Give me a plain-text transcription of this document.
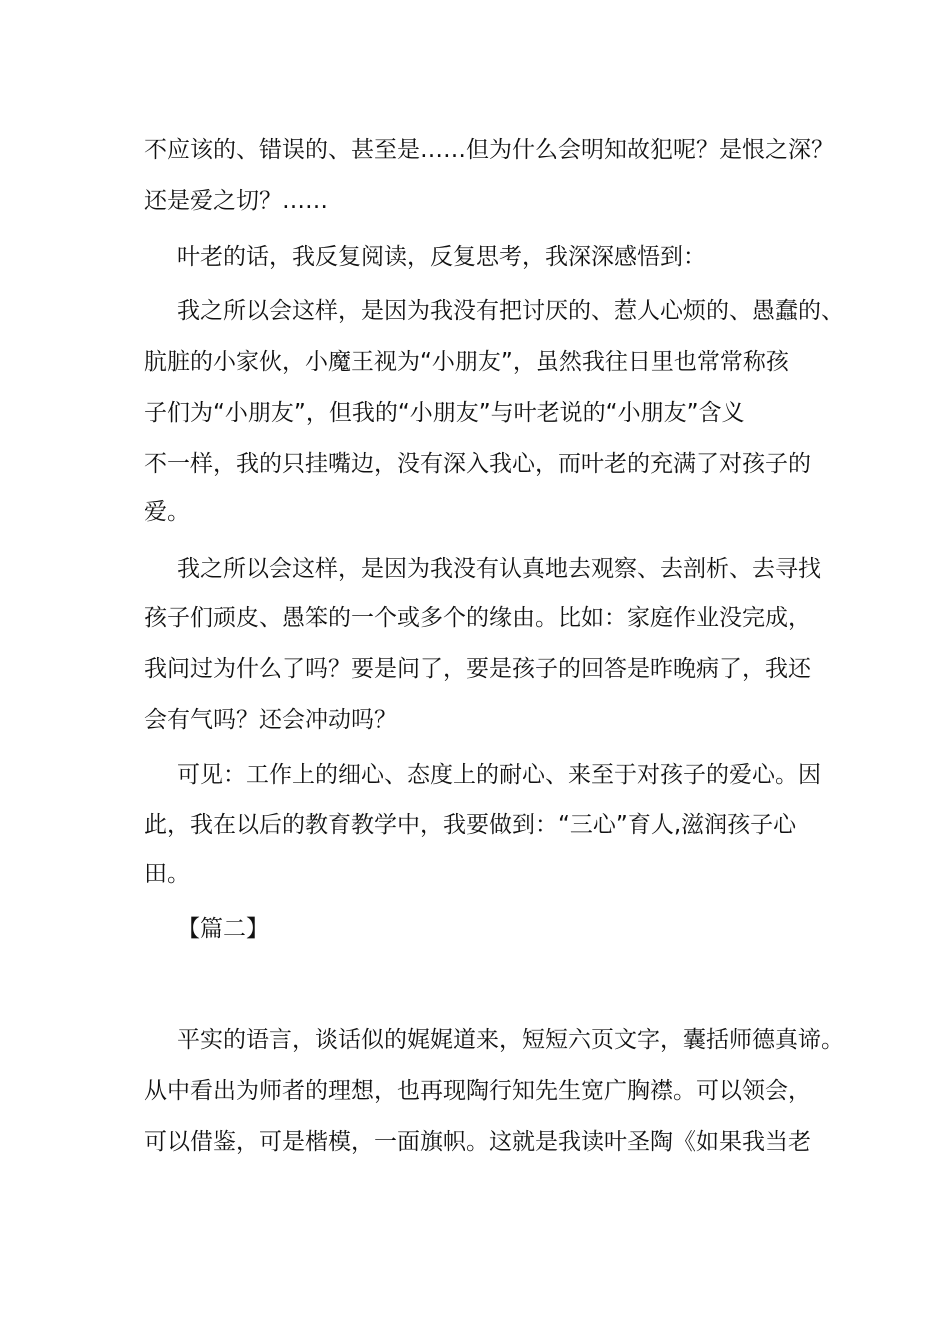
不应该的、错误的、甚至是……但为什么会明知故犯呢？是恨之深？
还是爱之切？……
叶老的话，我反复阅读，反复思考，我深深感悟到：
我之所以会这样，是因为我没有把讨厌的、惹人心烦的、愚蠢的、
肮脏的小家伙，小魔王视为“小朋友”，虽然我往日里也常常称孩
子们为“小朋友”，但我的“小朋友”与叶老说的“小朋友”含义
不一样，我的只挂嘴边，没有深入我心，而叶老的充满了对孩子的
爱。
我之所以会这样，是因为我没有认真地去观察、去剖析、去寻找
孩子们顽皮、愚笨的一个或多个的缘由。比如：家庭作业没完成，
我问过为什么了吗？要是问了，要是孩子的回答是昨晚病了，我还
会有气吗？还会冲动吗？
可见：工作上的细心、态度上的耐心、来至于对孩子的爱心。因
此，我在以后的教育教学中，我要做到：“三心”育人,滋润孩子心
田。
【篇二】
平实的语言，谈话似的娓娓道来，短短六页文字，囊括师德真谛。
从中看出为师者的理想，也再现陶行知先生宽广胸襟。可以领会，
可以借鉴，可是楷模，一面旗帜。这就是我读叶圣陶《如果我当老
